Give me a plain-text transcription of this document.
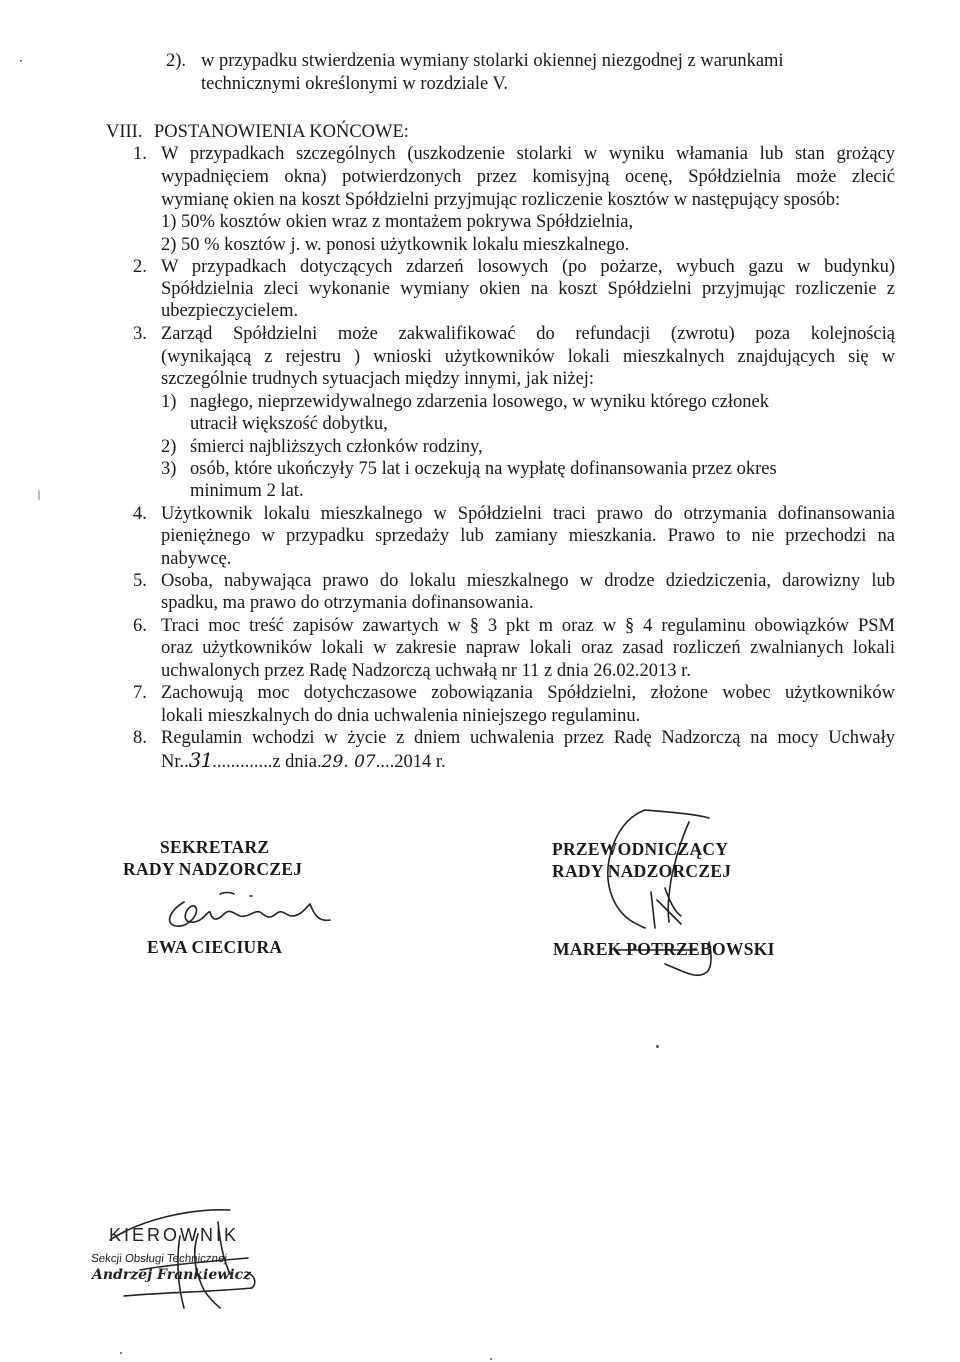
2). w przypadku stwierdzenia wymiany stolarki okiennej niezgodnej z warunkami
technicznymi określonymi w rozdziale V.
VIII. POSTANOWIENIA KOŃCOWE:
1. W przypadkach szczególnych (uszkodzenie stolarki w wyniku włamania lub stan grożący
wypadnięciem okna) potwierdzonych przez komisyjną ocenę, Spółdzielnia może zlecić
wymianę okien na koszt Spółdzielni przyjmując rozliczenie kosztów w następujący sposób:
1) 50% kosztów okien wraz z montażem pokrywa Spółdzielnia,
2) 50 % kosztów j. w. ponosi użytkownik lokalu mieszkalnego.
2. W przypadkach dotyczących zdarzeń losowych (po pożarze, wybuch gazu w budynku)
Spółdzielnia zleci wykonanie wymiany okien na koszt Spółdzielni przyjmując rozliczenie z
ubezpieczycielem.
3. Zarząd Spółdzielni może zakwalifikować do refundacji (zwrotu) poza kolejnością
(wynikającą z rejestru ) wnioski użytkowników lokali mieszkalnych znajdujących się w
szczególnie trudnych sytuacjach między innymi, jak niżej:
1) nagłego, nieprzewidywalnego zdarzenia losowego, w wyniku którego członek
utracił większość dobytku,
2) śmierci najbliższych członków rodziny,
3) osób, które ukończyły 75 lat i oczekują na wypłatę dofinansowania przez okres
minimum 2 lat.
4. Użytkownik lokalu mieszkalnego w Spółdzielni traci prawo do otrzymania dofinansowania
pieniężnego w przypadku sprzedaży lub zamiany mieszkania. Prawo to nie przechodzi na
nabywcę.
5. Osoba, nabywająca prawo do lokalu mieszkalnego w drodze dziedziczenia, darowizny lub
spadku, ma prawo do otrzymania dofinansowania.
6. Traci moc treść zapisów zawartych w § 3 pkt m oraz w § 4 regulaminu obowiązków PSM
oraz użytkowników lokali w zakresie napraw lokali oraz zasad rozliczeń zwalnianych lokali
uchwalonych przez Radę Nadzorczą uchwałą nr 11 z dnia 26.02.2013 r.
7. Zachowują moc dotychczasowe zobowiązania Spółdzielni, złożone wobec użytkowników
lokali mieszkalnych do dnia uchwalenia niniejszego regulaminu.
8. Regulamin wchodzi w życie z dniem uchwalenia przez Radę Nadzorczą na mocy Uchwały
Nr..31.............z dnia.29. 07....2014 r.
SEKRETARZ
RADY NADZORCZEJ
EWA CIECIURA
PRZEWODNICZĄCY
RADY NADZORCZEJ
MAREK POTRZEBOWSKI
KIEROWNIK
Sekcji Obsługi Technicznej
Andrzej Frankiewicz
